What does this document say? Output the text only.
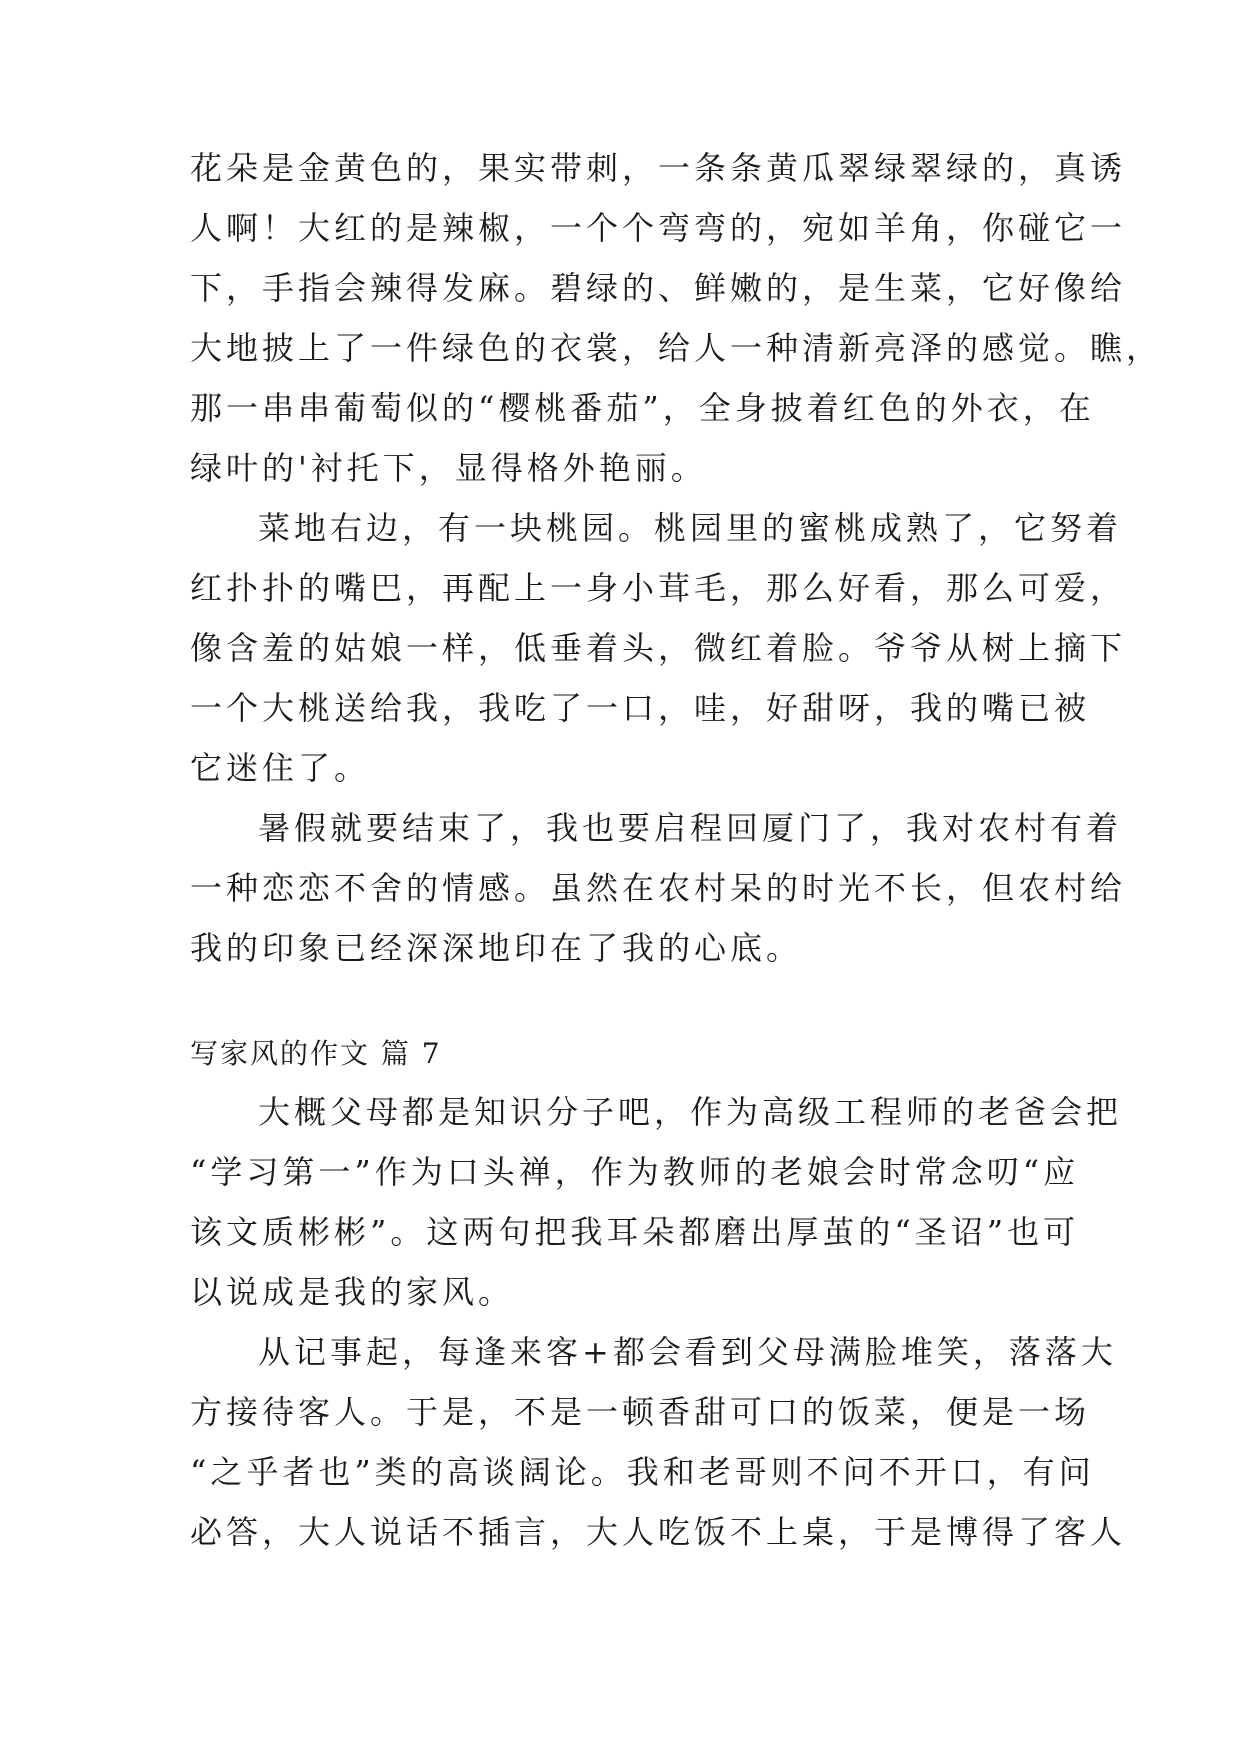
花朵是金黄色的，果实带刺，一条条黄瓜翠绿翠绿的，真诱
人啊！大红的是辣椒，一个个弯弯的，宛如羊角，你碰它一
下，手指会辣得发麻。碧绿的、鲜嫩的，是生菜，它好像给
大地披上了一件绿色的衣裳，给人一种清新亮泽的感觉。瞧，
那一串串葡萄似的“樱桃番茄”，全身披着红色的外衣，在
绿叶的'衬托下，显得格外艳丽。
菜地右边，有一块桃园。桃园里的蜜桃成熟了，它努着
红扑扑的嘴巴，再配上一身小茸毛，那么好看，那么可爱，
像含羞的姑娘一样，低垂着头，微红着脸。爷爷从树上摘下
一个大桃送给我，我吃了一口，哇，好甜呀，我的嘴已被
它迷住了。
暑假就要结束了，我也要启程回厦门了，我对农村有着
一种恋恋不舍的情感。虽然在农村呆的时光不长，但农村给
我的印象已经深深地印在了我的心底。
写家风的作文 篇 7
大概父母都是知识分子吧，作为高级工程师的老爸会把
“学习第一”作为口头禅，作为教师的老娘会时常念叨“应
该文质彬彬”。这两句把我耳朵都磨出厚茧的“圣诏”也可
以说成是我的家风。
从记事起，每逢来客+都会看到父母满脸堆笑，落落大
方接待客人。于是，不是一顿香甜可口的饭菜，便是一场
“之乎者也”类的高谈阔论。我和老哥则不问不开口，有问
必答，大人说话不插言，大人吃饭不上桌，于是博得了客人
